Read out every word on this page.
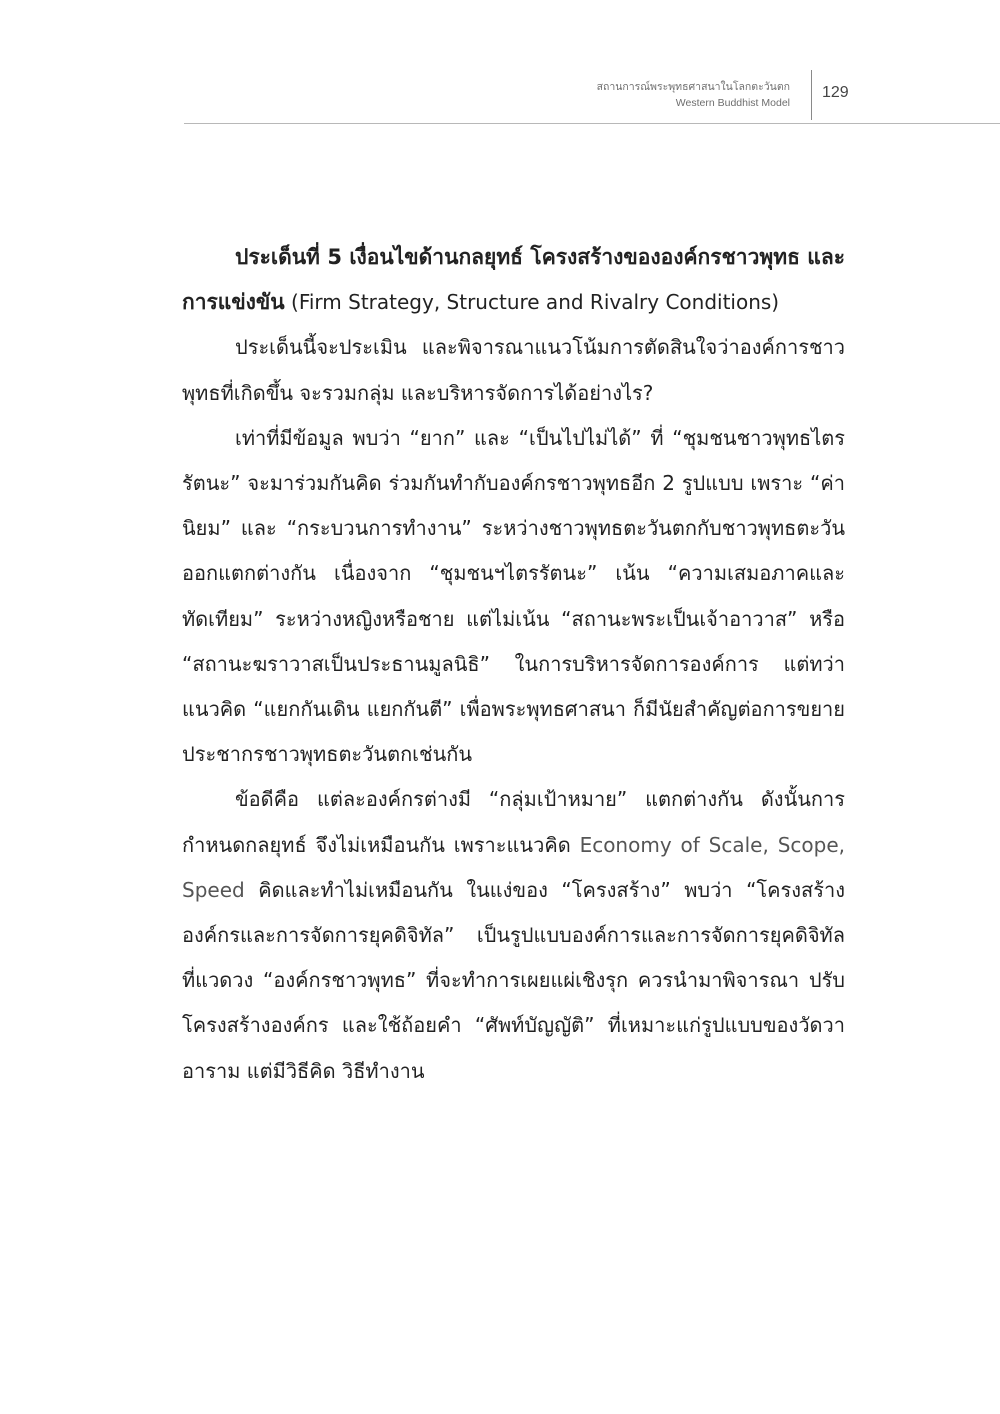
สถานการณ์พระพุทธศาสนาในโลกตะวันตก
Western Buddhist Model
129

ประเด็นที่ 5 เงื่อนไขด้านกลยุทธ์ โครงสร้างขององค์กรชาวพุทธ และการแข่งขัน (Firm Strategy, Structure and Rivalry Conditions)

ประเด็นนี้จะประเมิน และพิจารณาแนวโน้มการตัดสินใจว่าองค์การชาวพุทธที่เกิดขึ้น จะรวมกลุ่ม และบริหารจัดการได้อย่างไร?

เท่าที่มีข้อมูล พบว่า “ยาก” และ “เป็นไปไม่ได้” ที่ “ชุมชนชาวพุทธไตรรัตนะ” จะมาร่วมกันคิด ร่วมกันทำกับองค์กรชาวพุทธอีก 2 รูปแบบ เพราะ “ค่านิยม” และ “กระบวนการทำงาน” ระหว่างชาวพุทธตะวันตกกับชาวพุทธตะวันออกแตกต่างกัน เนื่องจาก “ชุมชนฯไตรรัตนะ” เน้น “ความเสมอภาคและทัดเทียม” ระหว่างหญิงหรือชาย แต่ไม่เน้น “สถานะพระเป็นเจ้าอาวาส” หรือ “สถานะฆราวาสเป็นประธานมูลนิธิ” ในการบริหารจัดการองค์การ แต่ทว่าแนวคิด “แยกกันเดิน แยกกันตี” เพื่อพระพุทธศาสนา ก็มีนัยสำคัญต่อการขยายประชากรชาวพุทธตะวันตกเช่นกัน

ข้อดีคือ แต่ละองค์กรต่างมี “กลุ่มเป้าหมาย” แตกต่างกัน ดังนั้นการกำหนดกลยุทธ์ จึงไม่เหมือนกัน เพราะแนวคิด Economy of Scale, Scope, Speed คิดและทำไม่เหมือนกัน ในแง่ของ “โครงสร้าง” พบว่า “โครงสร้างองค์กรและการจัดการยุคดิจิทัล” เป็นรูปแบบองค์การและการจัดการยุคดิจิทัล ที่แวดวง “องค์กรชาวพุทธ” ที่จะทำการเผยแผ่เชิงรุก ควรนำมาพิจารณา ปรับโครงสร้างองค์กร และใช้ถ้อยคำ “ศัพท์บัญญัติ” ที่เหมาะแก่รูปแบบของวัดวาอาราม แต่มีวิธีคิด วิธีทำงาน
